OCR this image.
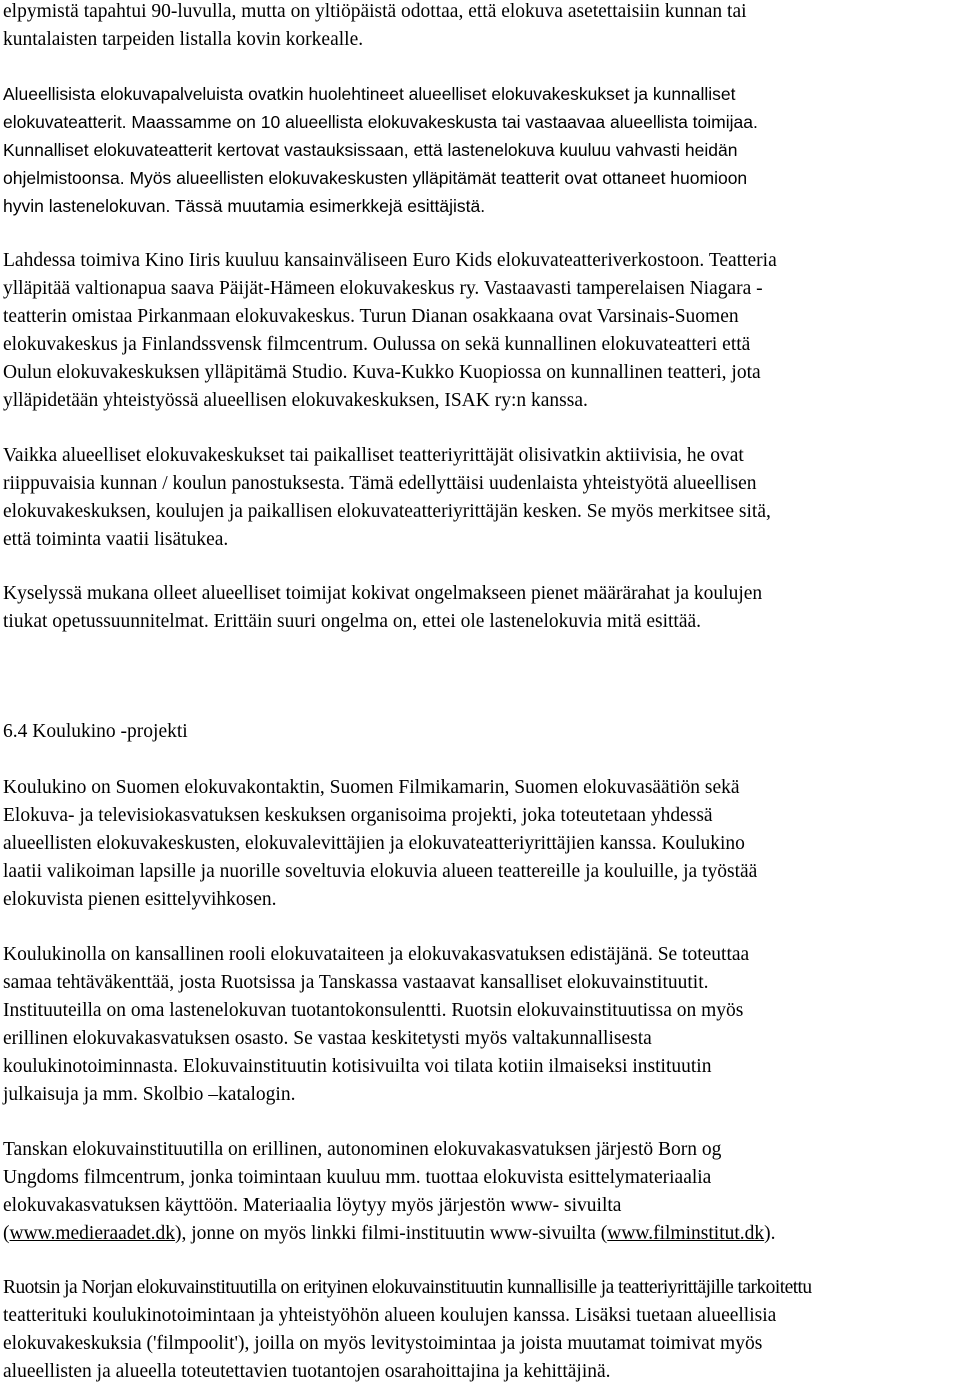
elpymistä tapahtui 90-luvulla, mutta on yltiöpäistä odottaa, että elokuva asetettaisiin kunnan tai
kuntalaisten tarpeiden listalla kovin korkealle.

Alueellisista elokuvapalveluista ovatkin huolehtineet alueelliset elokuvakeskukset ja kunnalliset
elokuvateatterit. Maassamme on 10 alueellista elokuvakeskusta tai vastaavaa alueellista toimijaa.
Kunnalliset elokuvateatterit kertovat vastauksissaan, että lastenelokuva kuuluu vahvasti heidän
ohjelmistoonsa. Myös alueellisten elokuvakeskusten ylläpitämät teatterit ovat ottaneet huomioon
hyvin lastenelokuvan. Tässä muutamia esimerkkejä esittäjistä.

Lahdessa toimiva Kino Iiris kuuluu kansainväliseen Euro Kids elokuvateatteriverkostoon. Teatteria
ylläpitää valtionapua saava Päijät-Hämeen elokuvakeskus ry. Vastaavasti tamperelaisen Niagara -
teatterin omistaa Pirkanmaan elokuvakeskus. Turun Dianan osakkaana ovat Varsinais-Suomen
elokuvakeskus ja Finlandssvensk filmcentrum. Oulussa on sekä kunnallinen elokuvateatteri että
Oulun elokuvakeskuksen ylläpitämä Studio. Kuva-Kukko Kuopiossa on kunnallinen teatteri, jota
ylläpidetään yhteistyössä alueellisen elokuvakeskuksen, ISAK ry:n kanssa.

Vaikka alueelliset elokuvakeskukset tai paikalliset teatteriyrittäjät olisivatkin aktiivisia, he ovat
riippuvaisia kunnan / koulun panostuksesta. Tämä edellyttäisi uudenlaista yhteistyötä alueellisen
elokuvakeskuksen, koulujen ja paikallisen elokuvateatteriyrittäjän kesken. Se myös merkitsee sitä,
että toiminta vaatii lisätukea.

Kyselyssä mukana olleet alueelliset toimijat kokivat ongelmakseen pienet määrärahat ja koulujen
tiukat opetussuunnitelmat. Erittäin suuri ongelma on, ettei ole lastenelokuvia mitä esittää.

6.4 Koulukino -projekti

Koulukino on Suomen elokuvakontaktin, Suomen Filmikamarin, Suomen elokuvasäätiön sekä
Elokuva- ja televisiokasvatuksen keskuksen organisoima projekti, joka toteutetaan yhdessä
alueellisten elokuvakeskusten, elokuvalevittäjien ja elokuvateatteriyrittäjien kanssa. Koulukino
laatii valikoiman lapsille ja nuorille soveltuvia elokuvia alueen teattereille ja kouluille, ja työstää
elokuvista pienen esittelyvihkosen.

Koulukinolla on kansallinen rooli elokuvataiteen ja elokuvakasvatuksen edistäjänä. Se toteuttaa
samaa tehtäväkenttää, josta Ruotsissa ja Tanskassa vastaavat kansalliset elokuvainstituutit.
Instituuteilla on oma lastenelokuvan tuotantokonsulentti. Ruotsin elokuvainstituutissa on myös
erillinen elokuvakasvatuksen osasto. Se vastaa keskitetysti myös valtakunnallisesta
koulukinotoiminnasta. Elokuvainstituutin kotisivuilta voi tilata kotiin ilmaiseksi instituutin
julkaisuja ja mm. Skolbio –katalogin.

Tanskan elokuvainstituutilla on erillinen, autonominen elokuvakasvatuksen järjestö Born og
Ungdoms filmcentrum, jonka toimintaan kuuluu mm. tuottaa elokuvista esittelymateriaalia
elokuvakasvatuksen käyttöön. Materiaalia löytyy myös järjestön www- sivuilta
(www.medieraadet.dk), jonne on myös linkki filmi-instituutin www-sivuilta (www.filminstitut.dk).

Ruotsin ja Norjan elokuvainstituutilla on erityinen elokuvainstituutin kunnallisille ja teatteriyrittäjille tarkoitettu
teatterituki koulukinotoimintaan ja yhteistyöhön alueen koulujen kanssa. Lisäksi tuetaan alueellisia
elokuvakeskuksia ('filmpoolit'), joilla on myös levitystoimintaa ja joista muutamat toimivat myös
alueellisten ja alueella toteutettavien tuotantojen osarahoittajina ja kehittäjinä.
